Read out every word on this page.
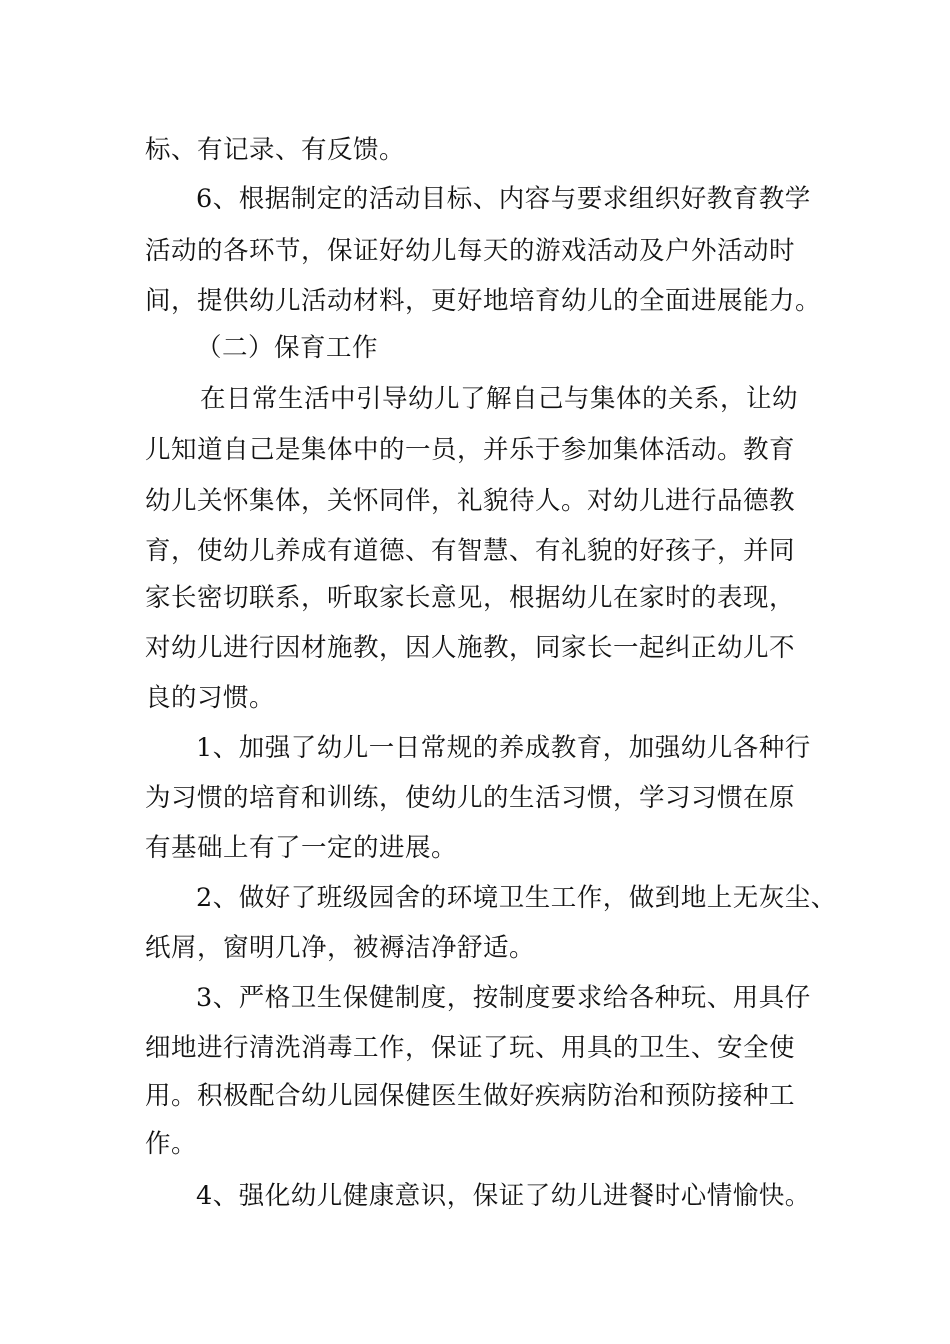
标、有记录、有反馈。
6、根据制定的活动目标、内容与要求组织好教育教学
活动的各环节，保证好幼儿每天的游戏活动及户外活动时
间，提供幼儿活动材料，更好地培育幼儿的全面进展能力。
（二）保育工作
在日常生活中引导幼儿了解自己与集体的关系，让幼
儿知道自己是集体中的一员，并乐于参加集体活动。教育
幼儿关怀集体，关怀同伴，礼貌待人。对幼儿进行品德教
育，使幼儿养成有道德、有智慧、有礼貌的好孩子，并同
家长密切联系，听取家长意见，根据幼儿在家时的表现，
对幼儿进行因材施教，因人施教，同家长一起纠正幼儿不
良的习惯。
1、加强了幼儿一日常规的养成教育，加强幼儿各种行
为习惯的培育和训练，使幼儿的生活习惯，学习习惯在原
有基础上有了一定的进展。
2、做好了班级园舍的环境卫生工作，做到地上无灰尘、
纸屑，窗明几净，被褥洁净舒适。
3、严格卫生保健制度，按制度要求给各种玩、用具仔
细地进行清洗消毒工作，保证了玩、用具的卫生、安全使
用。积极配合幼儿园保健医生做好疾病防治和预防接种工
作。
4、强化幼儿健康意识，保证了幼儿进餐时心情愉快。
